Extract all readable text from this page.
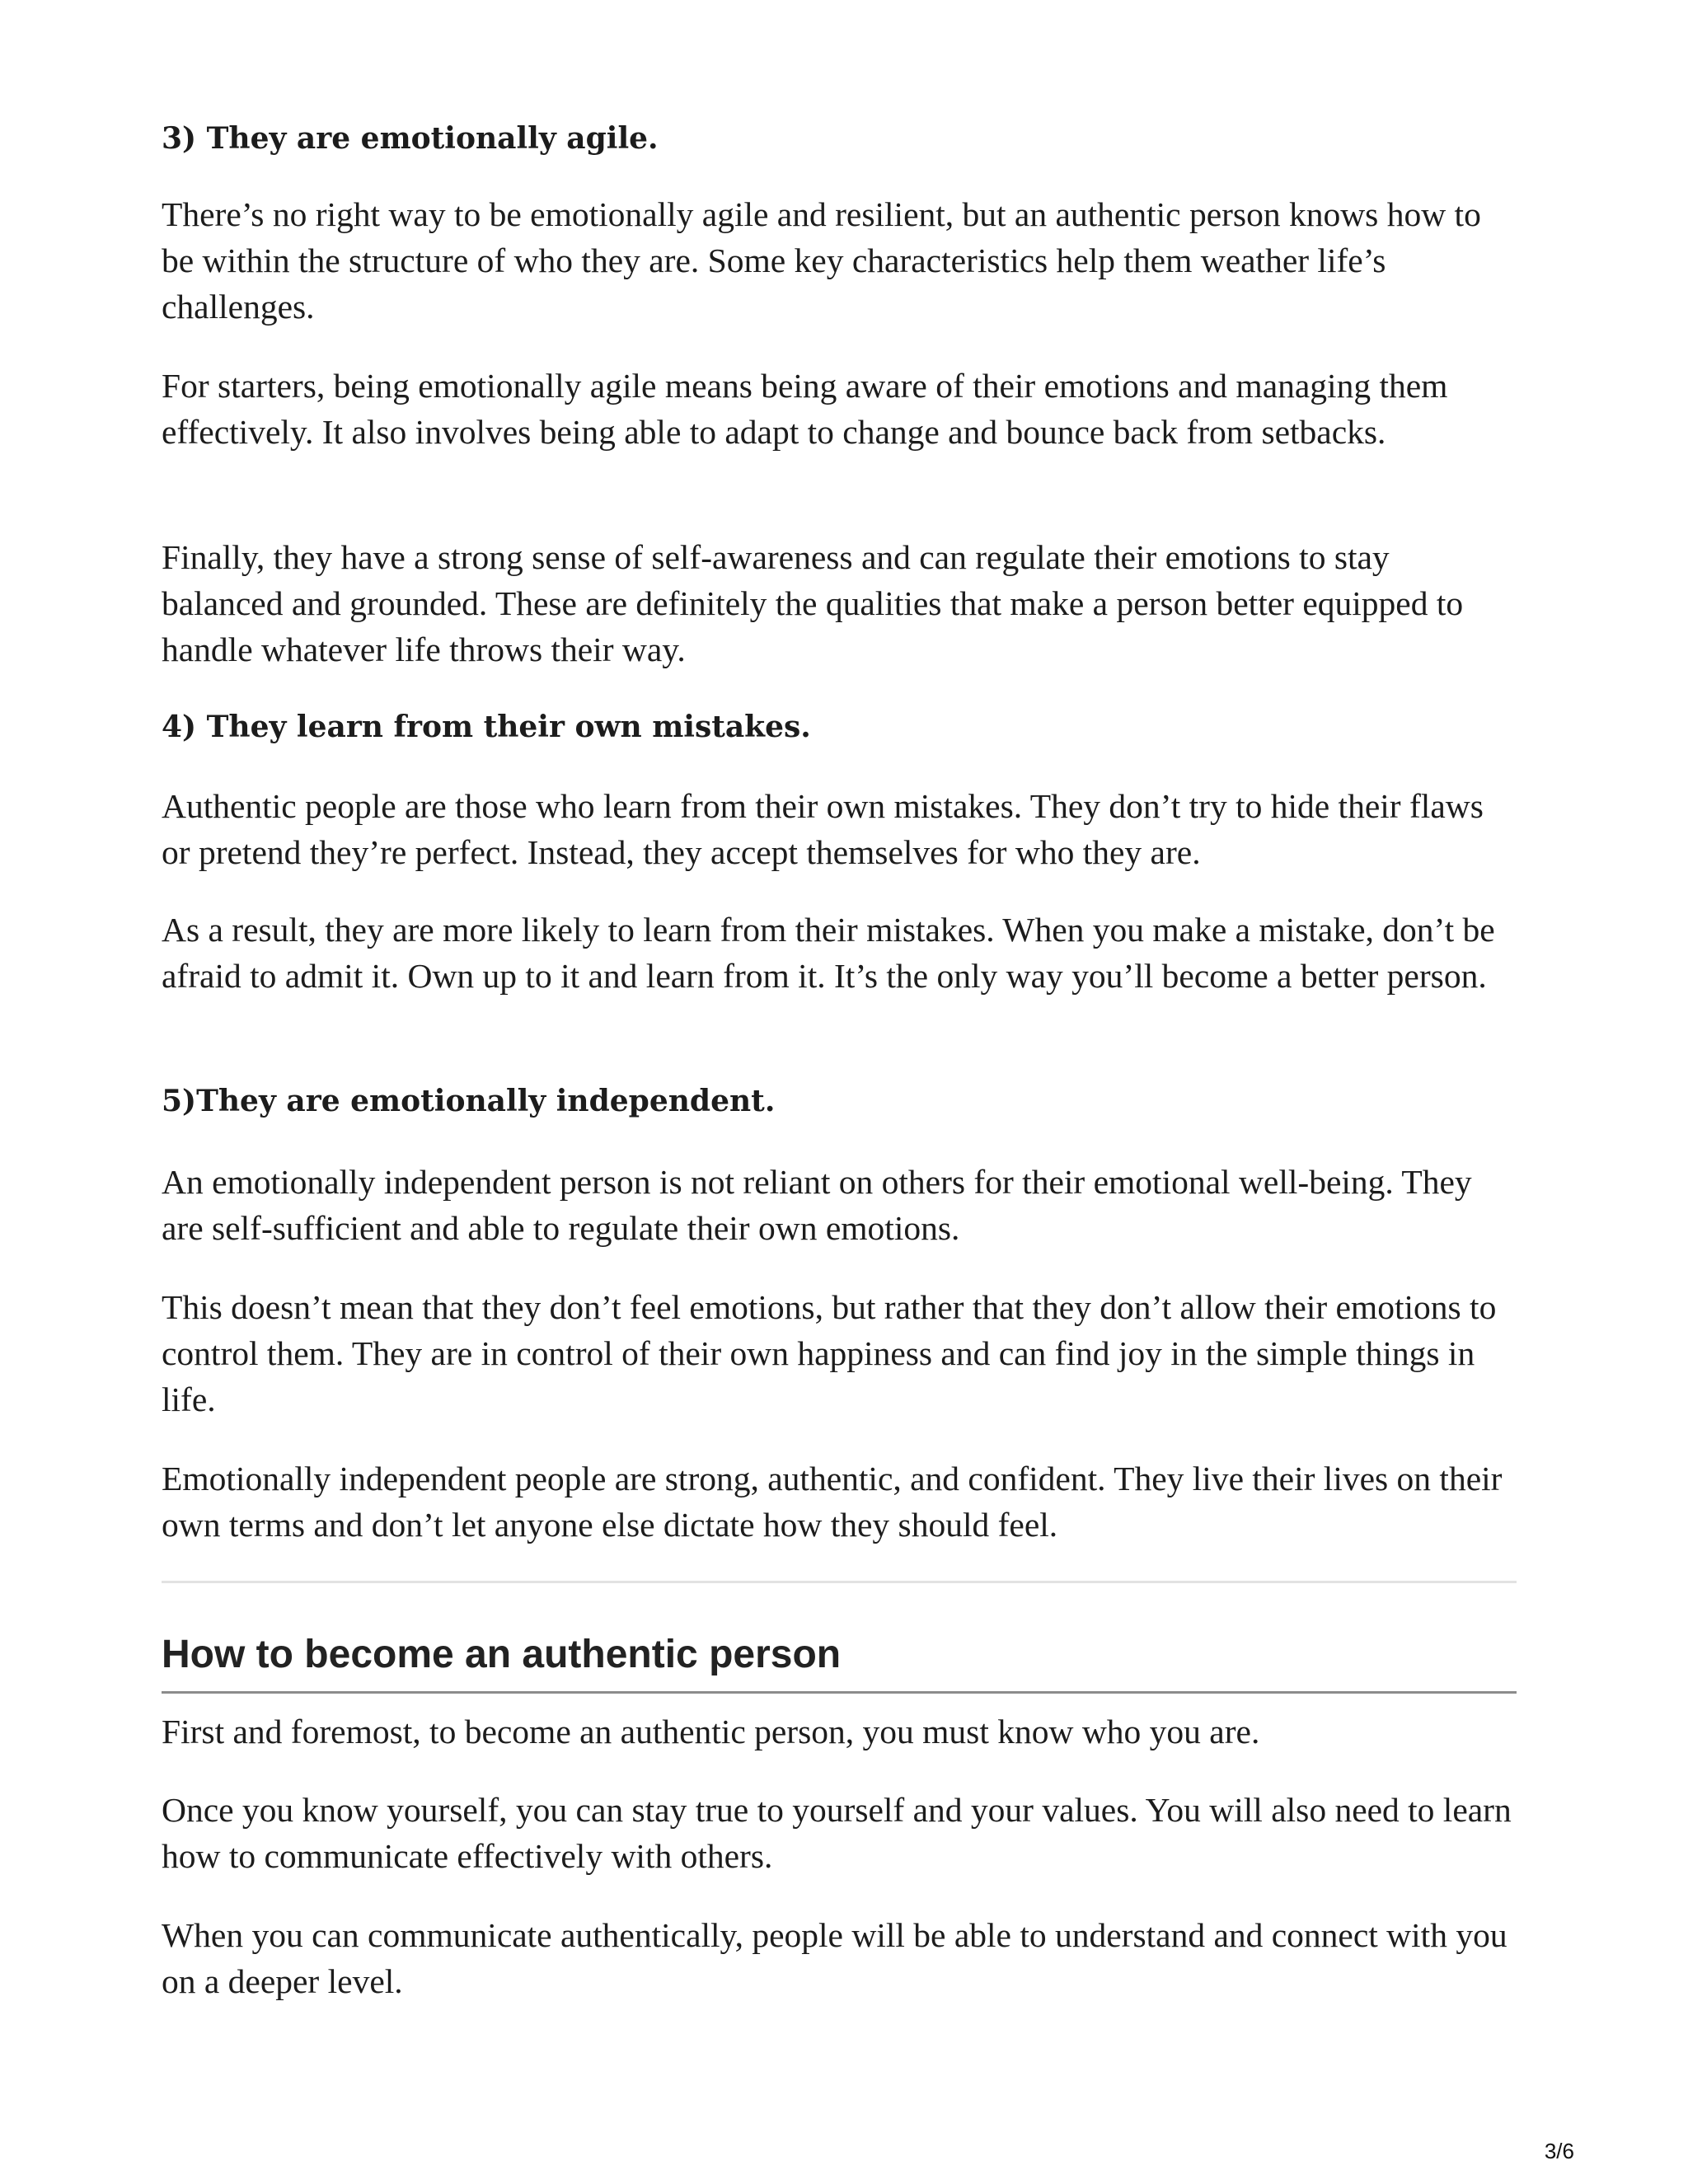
3) They are emotionally agile.

There’s no right way to be emotionally agile and resilient, but an authentic person knows how to be within the structure of who they are. Some key characteristics help them weather life’s challenges.

For starters, being emotionally agile means being aware of their emotions and managing them effectively. It also involves being able to adapt to change and bounce back from setbacks.

Finally, they have a strong sense of self-awareness and can regulate their emotions to stay balanced and grounded. These are definitely the qualities that make a person better equipped to handle whatever life throws their way.

4) They learn from their own mistakes.

Authentic people are those who learn from their own mistakes. They don’t try to hide their flaws or pretend they’re perfect. Instead, they accept themselves for who they are.

As a result, they are more likely to learn from their mistakes. When you make a mistake, don’t be afraid to admit it. Own up to it and learn from it. It’s the only way you’ll become a better person.

5)They are emotionally independent.

An emotionally independent person is not reliant on others for their emotional well-being. They are self-sufficient and able to regulate their own emotions.

This doesn’t mean that they don’t feel emotions, but rather that they don’t allow their emotions to control them. They are in control of their own happiness and can find joy in the simple things in life.

Emotionally independent people are strong, authentic, and confident. They live their lives on their own terms and don’t let anyone else dictate how they should feel.

How to become an authentic person

First and foremost, to become an authentic person, you must know who you are.

Once you know yourself, you can stay true to yourself and your values. You will also need to learn how to communicate effectively with others.

When you can communicate authentically, people will be able to understand and connect with you on a deeper level.

3/6
